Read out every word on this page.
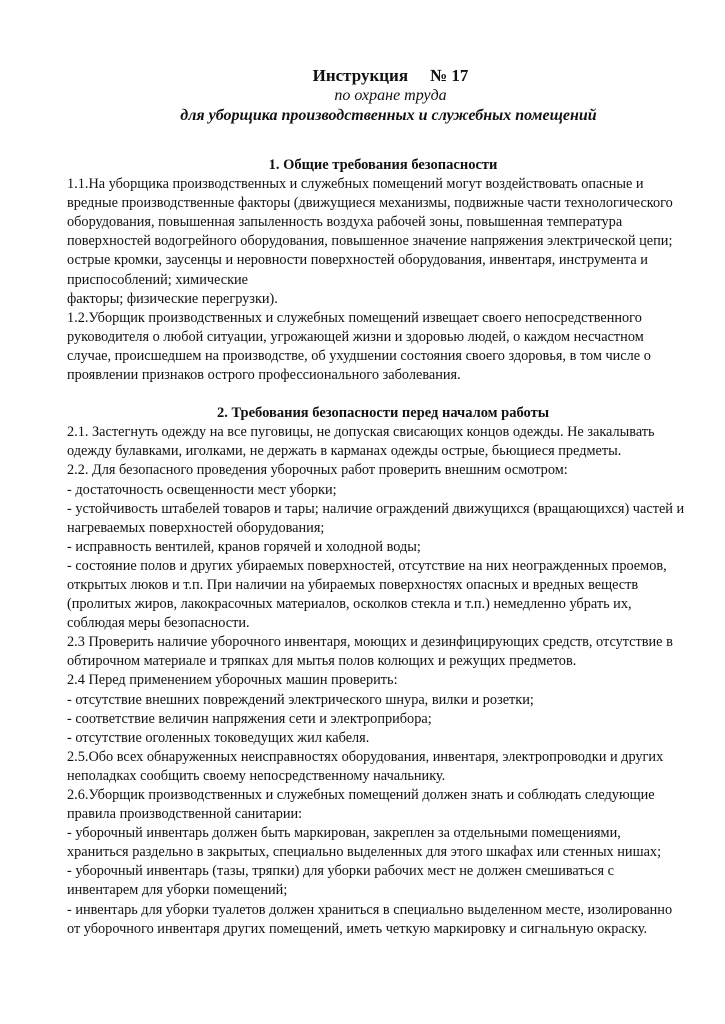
Инструкция № 17
по охране труда
для уборщика производственных и служебных помещений

1. Общие требования безопасности

1.1.На уборщика производственных и служебных помещений могут воздействовать опасные и

вредные производственные факторы (движущиеся механизмы, подвижные части технологического

оборудования, повышенная запыленность воздуха рабочей зоны, повышенная температура

поверхностей водогрейного оборудования, повышенное значение напряжения электрической цепи;

острые кромки, заусенцы и неровности поверхностей оборудования, инвентаря, инструмента и

приспособлений; химические

факторы; физические перегрузки).

1.2.Уборщик производственных и служебных помещений извещает своего непосредственного

руководителя о любой ситуации, угрожающей жизни и здоровью людей, о каждом несчастном

случае, происшедшем на производстве, об ухудшении состояния своего здоровья, в том числе о

проявлении признаков острого профессионального заболевания.

2. Требования безопасности перед началом работы

2.1. Застегнуть одежду на все пуговицы, не допуская свисающих концов одежды. Не закалывать

одежду булавками, иголками, не держать в карманах одежды острые, бьющиеся предметы.

2.2. Для безопасного проведения уборочных работ проверить внешним осмотром:

- достаточность освещенности мест уборки;

- устойчивость штабелей товаров и тары; наличие ограждений движущихся (вращающихся) частей и

нагреваемых поверхностей оборудования;

- исправность вентилей, кранов горячей и холодной воды;

- состояние полов и других убираемых поверхностей, отсутствие на них неогражденных проемов,

открытых люков и т.п. При наличии на убираемых поверхностях опасных и вредных веществ

(пролитых жиров, лакокрасочных материалов, осколков стекла и т.п.) немедленно убрать их,

соблюдая меры безопасности.

2.3 Проверить наличие уборочного инвентаря, моющих и дезинфицирующих средств, отсутствие в

обтирочном материале и тряпках для мытья полов колющих и режущих предметов.

2.4 Перед применением уборочных машин проверить:

- отсутствие внешних повреждений электрического шнура, вилки и розетки;

- соответствие величин напряжения сети и электроприбора;

- отсутствие оголенных токоведущих жил кабеля.

2.5.Обо всех обнаруженных неисправностях оборудования, инвентаря, электропроводки и других

неполадках сообщить своему непосредственному начальнику.

2.6.Уборщик производственных и служебных помещений должен знать и соблюдать следующие

правила производственной санитарии:

- уборочный инвентарь должен быть маркирован, закреплен за отдельными помещениями,

храниться раздельно в закрытых, специально выделенных для этого шкафах или стенных нишах;

- уборочный инвентарь (тазы, тряпки) для уборки рабочих мест не должен смешиваться с

инвентарем для уборки помещений;

- инвентарь для уборки туалетов должен храниться в специально выделенном месте, изолированно

от уборочного инвентаря других помещений, иметь четкую маркировку и сигнальную окраску.
